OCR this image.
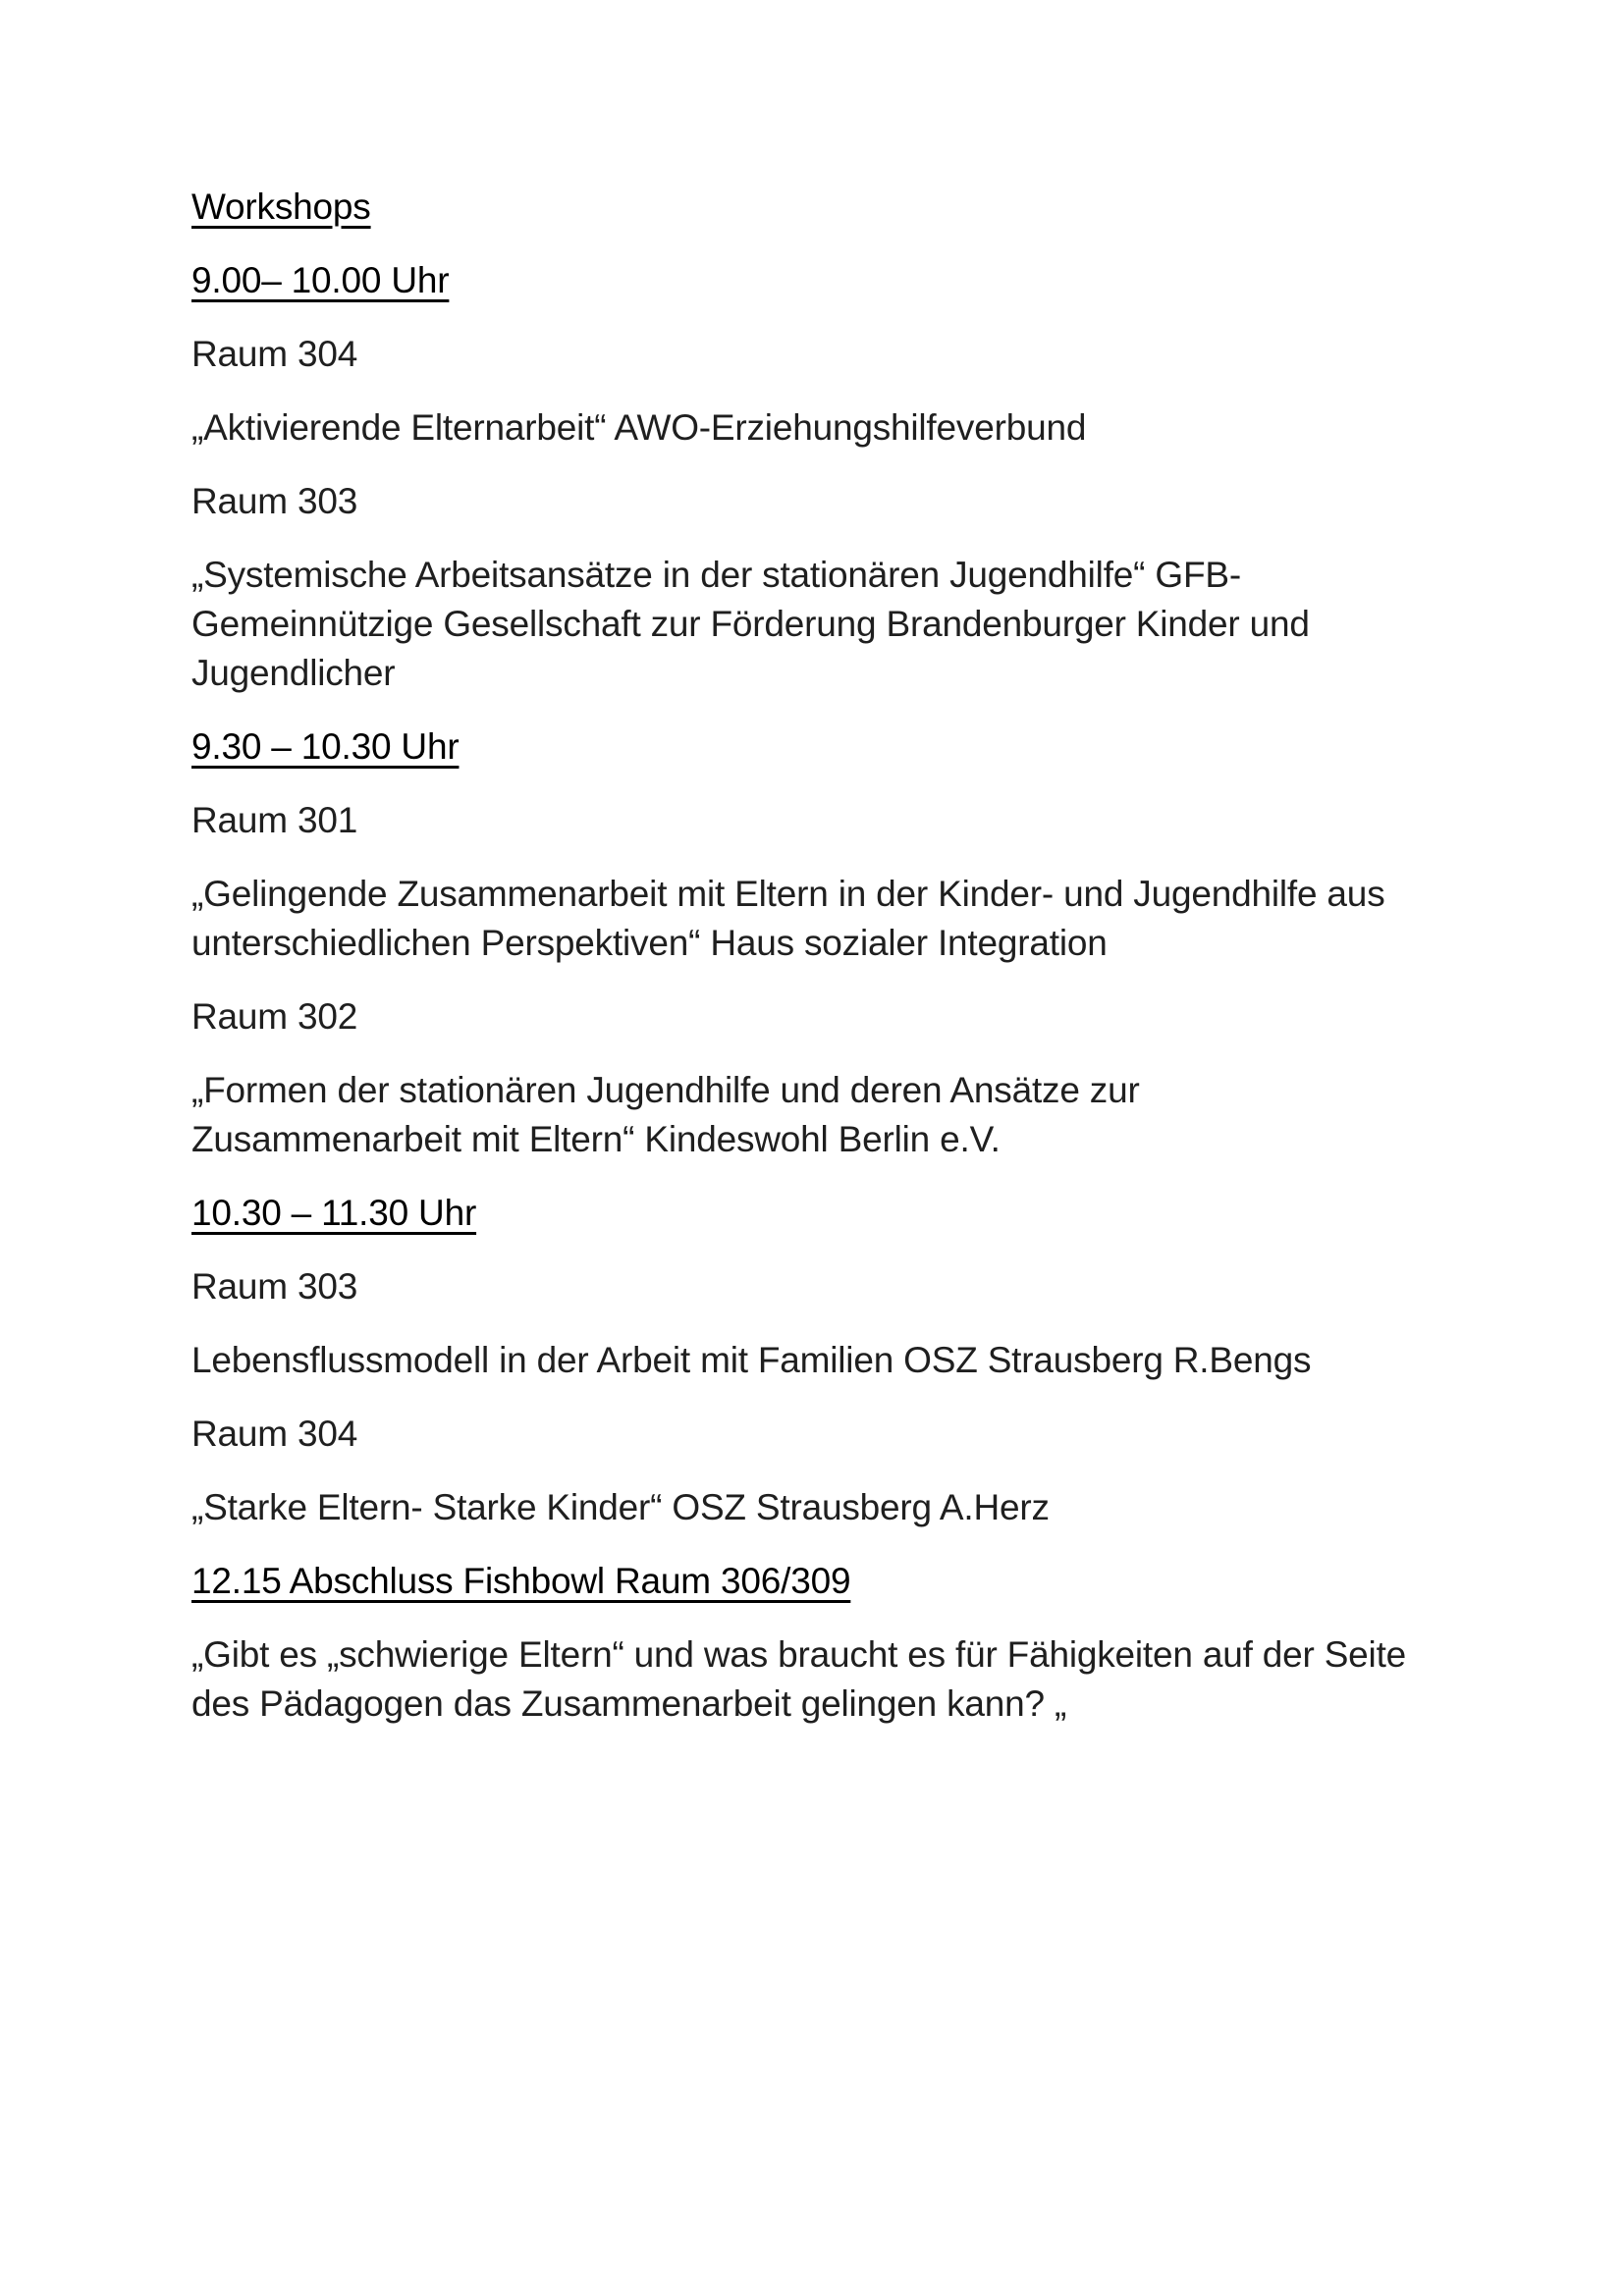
Workshops
9.00– 10.00 Uhr

Raum 304

„Aktivierende Elternarbeit“ AWO-Erziehungshilfeverbund

Raum 303

„Systemische Arbeitsansätze in der stationären Jugendhilfe“ GFB-Gemeinnützige Gesellschaft zur Förderung Brandenburger Kinder und Jugendlicher

9.30 – 10.30 Uhr

Raum 301

„Gelingende Zusammenarbeit mit Eltern in der Kinder- und Jugendhilfe aus unterschiedlichen Perspektiven“ Haus sozialer Integration

Raum 302

„Formen der stationären Jugendhilfe und deren Ansätze zur Zusammenarbeit mit Eltern“ Kindeswohl Berlin e.V.

10.30 – 11.30 Uhr

Raum 303

Lebensflussmodell in der Arbeit mit Familien OSZ Strausberg R.Bengs

Raum 304

„Starke Eltern- Starke Kinder“ OSZ Strausberg A.Herz

12.15 Abschluss Fishbowl Raum 306/309

„Gibt es „schwierige Eltern“ und was braucht es für Fähigkeiten auf der Seite des Pädagogen das Zusammenarbeit gelingen kann? „
